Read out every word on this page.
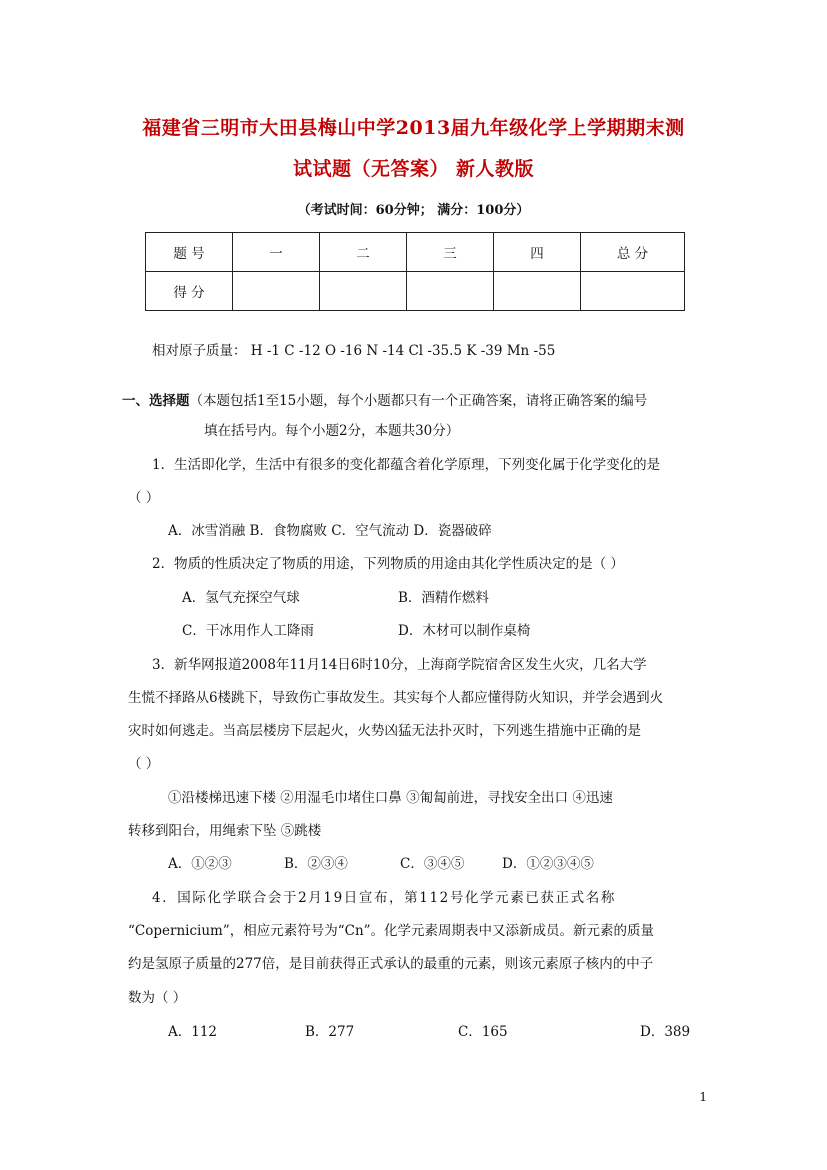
福建省三明市大田县梅山中学2013届九年级化学上学期期末测
试试题（无答案） 新人教版
（考试时间：60分钟； 满分：100分）
题 号	一	二	三	四	总 分
得 分					
相对原子质量： H -1 C -12 O -16 N -14 Cl -35.5 K -39 Mn -55
一、选择题（本题包括1至15小题，每个小题都只有一个正确答案，请将正确答案的编号
填在括号内。每个小题2分，本题共30分）
1．生活即化学，生活中有很多的变化都蕴含着化学原理，下列变化属于化学变化的是
（ ）
A．冰雪消融 B．食物腐败 C．空气流动 D．瓷器破碎
2．物质的性质决定了物质的用途，下列物质的用途由其化学性质决定的是（ ）
A．氢气充探空气球	B．酒精作燃料
C．干冰用作人工降雨	D．木材可以制作桌椅
3．新华网报道2008年11月14日6时10分，上海商学院宿舍区发生火灾，几名大学
生慌不择路从6楼跳下，导致伤亡事故发生。其实每个人都应懂得防火知识，并学会遇到火
灾时如何逃走。当高层楼房下层起火，火势凶猛无法扑灭时，下列逃生措施中正确的是
（ ）
①沿楼梯迅速下楼 ②用湿毛巾堵住口鼻 ③匍匐前进，寻找安全出口 ④迅速
转移到阳台，用绳索下坠 ⑤跳楼
A．①②③	B．②③④	C．③④⑤	D．①②③④⑤
4．国际化学联合会于2月19日宣布，第112号化学元素已获正式名称
“Copernicium”，相应元素符号为“Cn”。化学元素周期表中又添新成员。新元素的质量
约是氢原子质量的277倍，是目前获得正式承认的最重的元素，则该元素原子核内的中子
数为（ ）
A．112	B．277	C．165	D．389
1
